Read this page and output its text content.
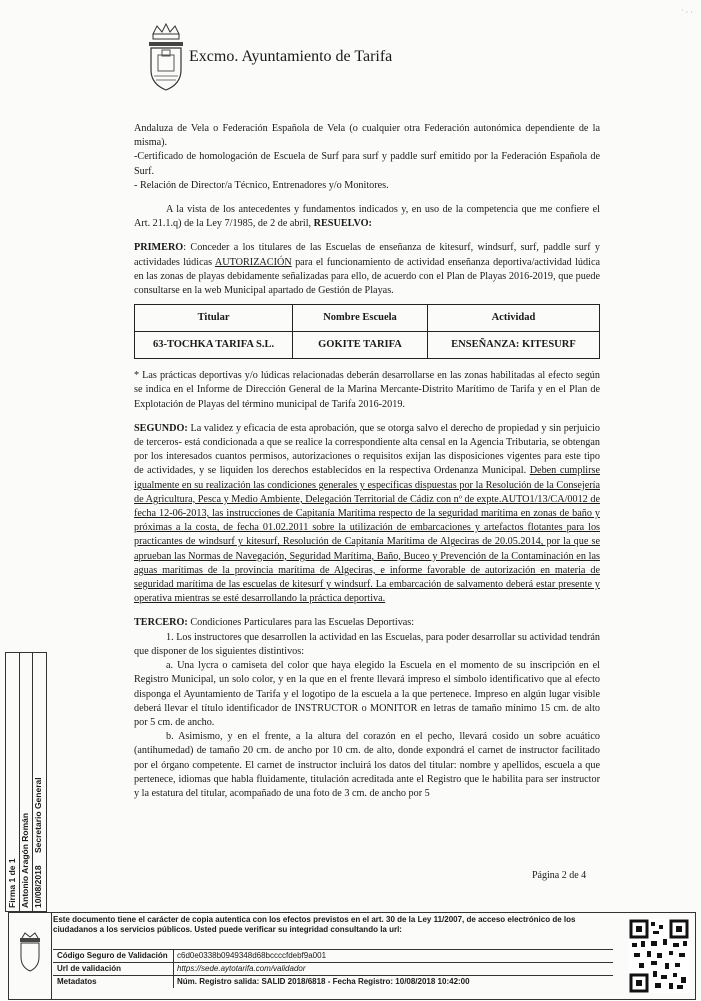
Excmo. Ayuntamiento de Tarifa
˙ · ·

Andaluza de Vela o Federación Española de Vela (o cualquier otra Federación autonómica dependiente de la misma).

-Certificado de homologación de Escuela de Surf para surf y paddle surf emitido por la Federación Española de Surf.

- Relación de Director/a Técnico, Entrenadores y/o Monitores.

A la vista de los antecedentes y fundamentos indicados y, en uso de la competencia que me confiere el Art. 21.1.q) de la Ley 7/1985, de 2 de abril, RESUELVO:

PRIMERO: Conceder a los titulares de las Escuelas de enseñanza de kitesurf, windsurf, surf, paddle surf y actividades lúdicas AUTORIZACIÓN para el funcionamiento de actividad enseñanza deportiva/actividad lúdica en las zonas de playas debidamente señalizadas para ello, de acuerdo con el Plan de Playas 2016-2019, que puede consultarse en la web Municipal apartado de Gestión de Playas.

Titular	Nombre Escuela	Actividad
63-TOCHKA TARIFA S.L.	GOKITE TARIFA	ENSEÑANZA: KITESURF

* Las prácticas deportivas y/o lúdicas relacionadas deberán desarrollarse en las zonas habilitadas al efecto según se indica en el Informe de Dirección General de la Marina Mercante-Distrito Marítimo de Tarifa y en el Plan de Explotación de Playas del término municipal de Tarifa 2016-2019.

SEGUNDO: La validez y eficacia de esta aprobación, que se otorga salvo el derecho de propiedad y sin perjuicio de terceros- está condicionada a que se realice la correspondiente alta censal en la Agencia Tributaria, se obtengan por los interesados cuantos permisos, autorizaciones o requisitos exijan las disposiciones vigentes para este tipo de actividades, y se liquiden los derechos establecidos en la respectiva Ordenanza Municipal. Deben cumplirse igualmente en su realización las condiciones generales y específicas dispuestas por la Resolución de la Consejería de Agricultura, Pesca y Medio Ambiente, Delegación Territorial de Cádiz con nº de expte.AUTO1/13/CA/0012 de fecha 12-06-2013, las instrucciones de Capitanía Marítima respecto de la seguridad marítima en zonas de baño y próximas a la costa, de fecha 01.02.2011 sobre la utilización de embarcaciones y artefactos flotantes para los practicantes de windsurf y kitesurf, Resolución de Capitanía Marítima de Algeciras de 20.05.2014, por la que se aprueban las Normas de Navegación, Seguridad Marítima, Baño, Buceo y Prevención de la Contaminación en las aguas marítimas de la provincia marítima de Algeciras, e informe favorable de autorización en materia de seguridad marítima de las escuelas de kitesurf y windsurf. La embarcación de salvamento deberá estar presente y operativa mientras se esté desarrollando la práctica deportiva.

TERCERO: Condiciones Particulares para las Escuelas Deportivas:

1. Los instructores que desarrollen la actividad en las Escuelas, para poder desarrollar su actividad tendrán que disponer de los siguientes distintivos:

a. Una lycra o camiseta del color que haya elegido la Escuela en el momento de su inscripción en el Registro Municipal, un solo color, y en la que en el frente llevará impreso el símbolo identificativo que al efecto disponga el Ayuntamiento de Tarifa y el logotipo de la escuela a la que pertenece. Impreso en algún lugar visible deberá llevar el título identificador de INSTRUCTOR o MONITOR en letras de tamaño mínimo 15 cm. de alto por 5 cm. de ancho.

b. Asimismo, y en el frente, a la altura del corazón en el pecho, llevará cosido un sobre acuático (antihumedad) de tamaño 20 cm. de ancho por 10 cm. de alto, donde expondrá el carnet de instructor facilitado por el órgano competente. El carnet de instructor incluirá los datos del titular: nombre y apellidos, escuela a que pertenece, idiomas que habla fluidamente, titulación acreditada ante el Registro que le habilita para ser instructor y la estatura del titular, acompañado de una foto de 3 cm. de ancho por 5

Página 2 de 4
Firma 1 de 1 Antonio Aragón Román 10/08/2018
Secretario General
Este documento tiene el carácter de copia autentica con los efectos previstos en el art. 30 de la Ley 11/2007, de acceso electrónico de los ciudadanos a los servicios públicos. Usted puede verificar su integridad consultando la url:
Código Seguro de Validación c6d0e0338b0949348d68bccccfdebf9a001
Url de validación	https://sede.aytotarifa.com/validador
Metadatos	Núm. Registro salida: SALID 2018/6818 - Fecha Registro: 10/08/2018 10:42:00
